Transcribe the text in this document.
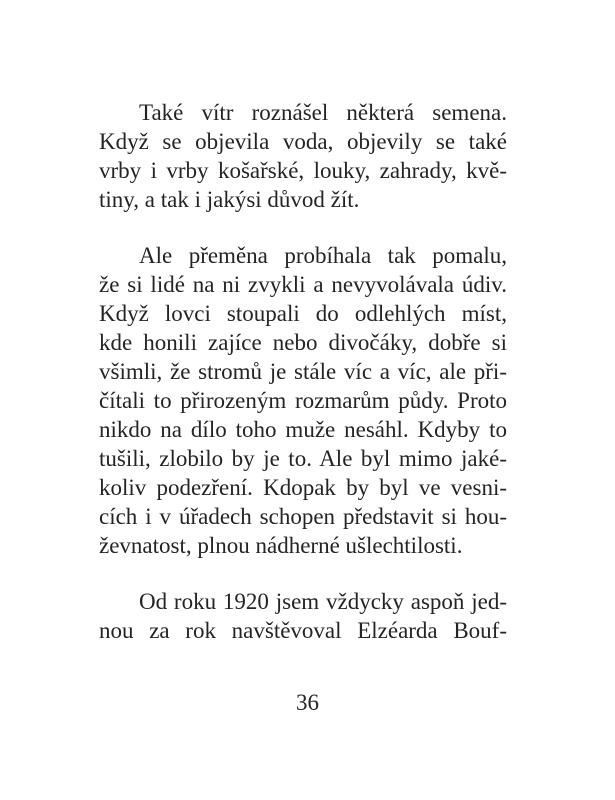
Také vítr roznášel některá semena.
Když se objevila voda, objevily se také
vrby i vrby košařské, louky, zahrady, kvě-
tiny, a tak i jakýsi důvod žít.
Ale přeměna probíhala tak pomalu,
že si lidé na ni zvykli a nevyvolávala údiv.
Když lovci stoupali do odlehlých míst,
kde honili zajíce nebo divočáky, dobře si
všimli, že stromů je stále víc a víc, ale při-
čítali to přirozeným rozmarům půdy. Proto
nikdo na dílo toho muže nesáhl. Kdyby to
tušili, zlobilo by je to. Ale byl mimo jaké-
koliv podezření. Kdopak by byl ve vesni-
cích i v úřadech schopen představit si hou-
ževnatost, plnou nádherné ušlechtilosti.
Od roku 1920 jsem vždycky aspoň jed-
nou za rok navštěvoval Elzéarda Bouf-
36
